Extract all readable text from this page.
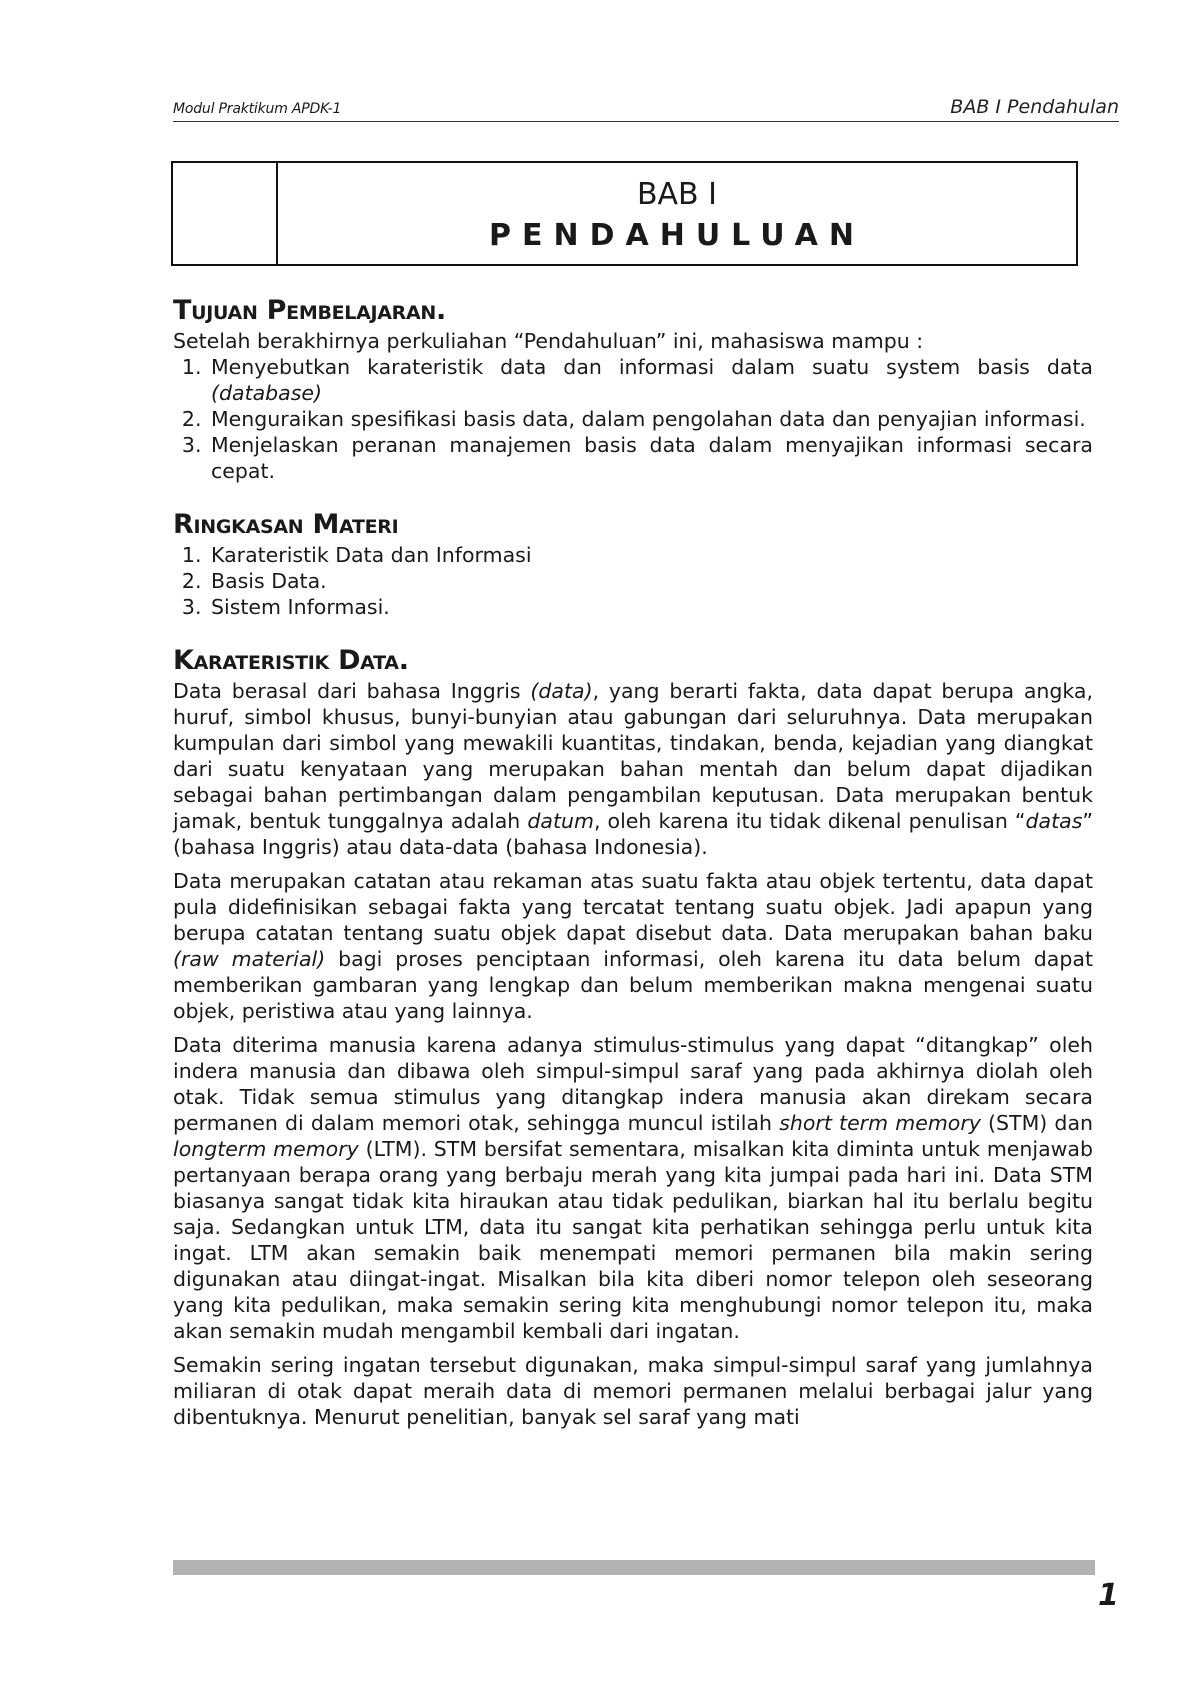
Modul Praktikum APDK-1	BAB I Pendahulan
BAB I
PENDAHULUAN
Tujuan Pembelajaran.

Setelah berakhirnya perkuliahan “Pendahuluan” ini, mahasiswa mampu :

1. Menyebutkan karateristik data dan informasi dalam suatu system basis data (database)
2. Menguraikan spesifikasi basis data, dalam pengolahan data dan penyajian informasi.
3. Menjelaskan peranan manajemen basis data dalam menyajikan informasi secara cepat.
Ringkasan Materi
1. Karateristik Data dan Informasi
2. Basis Data.
3. Sistem Informasi.
Karateristik Data.

Data berasal dari bahasa Inggris (data), yang berarti fakta, data dapat berupa angka, huruf, simbol khusus, bunyi-bunyian atau gabungan dari seluruhnya. Data merupakan kumpulan dari simbol yang mewakili kuantitas, tindakan, benda, kejadian yang diangkat dari suatu kenyataan yang merupakan bahan mentah dan belum dapat dijadikan sebagai bahan pertimbangan dalam pengambilan keputusan. Data merupakan bentuk jamak, bentuk tunggalnya adalah datum, oleh karena itu tidak dikenal penulisan “datas” (bahasa Inggris) atau data-data (bahasa Indonesia).

Data merupakan catatan atau rekaman atas suatu fakta atau objek tertentu, data dapat pula didefinisikan sebagai fakta yang tercatat tentang suatu objek. Jadi apapun yang berupa catatan tentang suatu objek dapat disebut data. Data merupakan bahan baku (raw material) bagi proses penciptaan informasi, oleh karena itu data belum dapat memberikan gambaran yang lengkap dan belum memberikan makna mengenai suatu objek, peristiwa atau yang lainnya.

Data diterima manusia karena adanya stimulus-stimulus yang dapat “ditangkap” oleh indera manusia dan dibawa oleh simpul-simpul saraf yang pada akhirnya diolah oleh otak. Tidak semua stimulus yang ditangkap indera manusia akan direkam secara permanen di dalam memori otak, sehingga muncul istilah short term memory (STM) dan longterm memory (LTM). STM bersifat sementara, misalkan kita diminta untuk menjawab pertanyaan berapa orang yang berbaju merah yang kita jumpai pada hari ini. Data STM biasanya sangat tidak kita hiraukan atau tidak pedulikan, biarkan hal itu berlalu begitu saja. Sedangkan untuk LTM, data itu sangat kita perhatikan sehingga perlu untuk kita ingat. LTM akan semakin baik menempati memori permanen bila makin sering digunakan atau diingat-ingat. Misalkan bila kita diberi nomor telepon oleh seseorang yang kita pedulikan, maka semakin sering kita menghubungi nomor telepon itu, maka akan semakin mudah mengambil kembali dari ingatan.

Semakin sering ingatan tersebut digunakan, maka simpul-simpul saraf yang jumlahnya miliaran di otak dapat meraih data di memori permanen melalui berbagai jalur yang dibentuknya. Menurut penelitian, banyak sel saraf yang mati

1
